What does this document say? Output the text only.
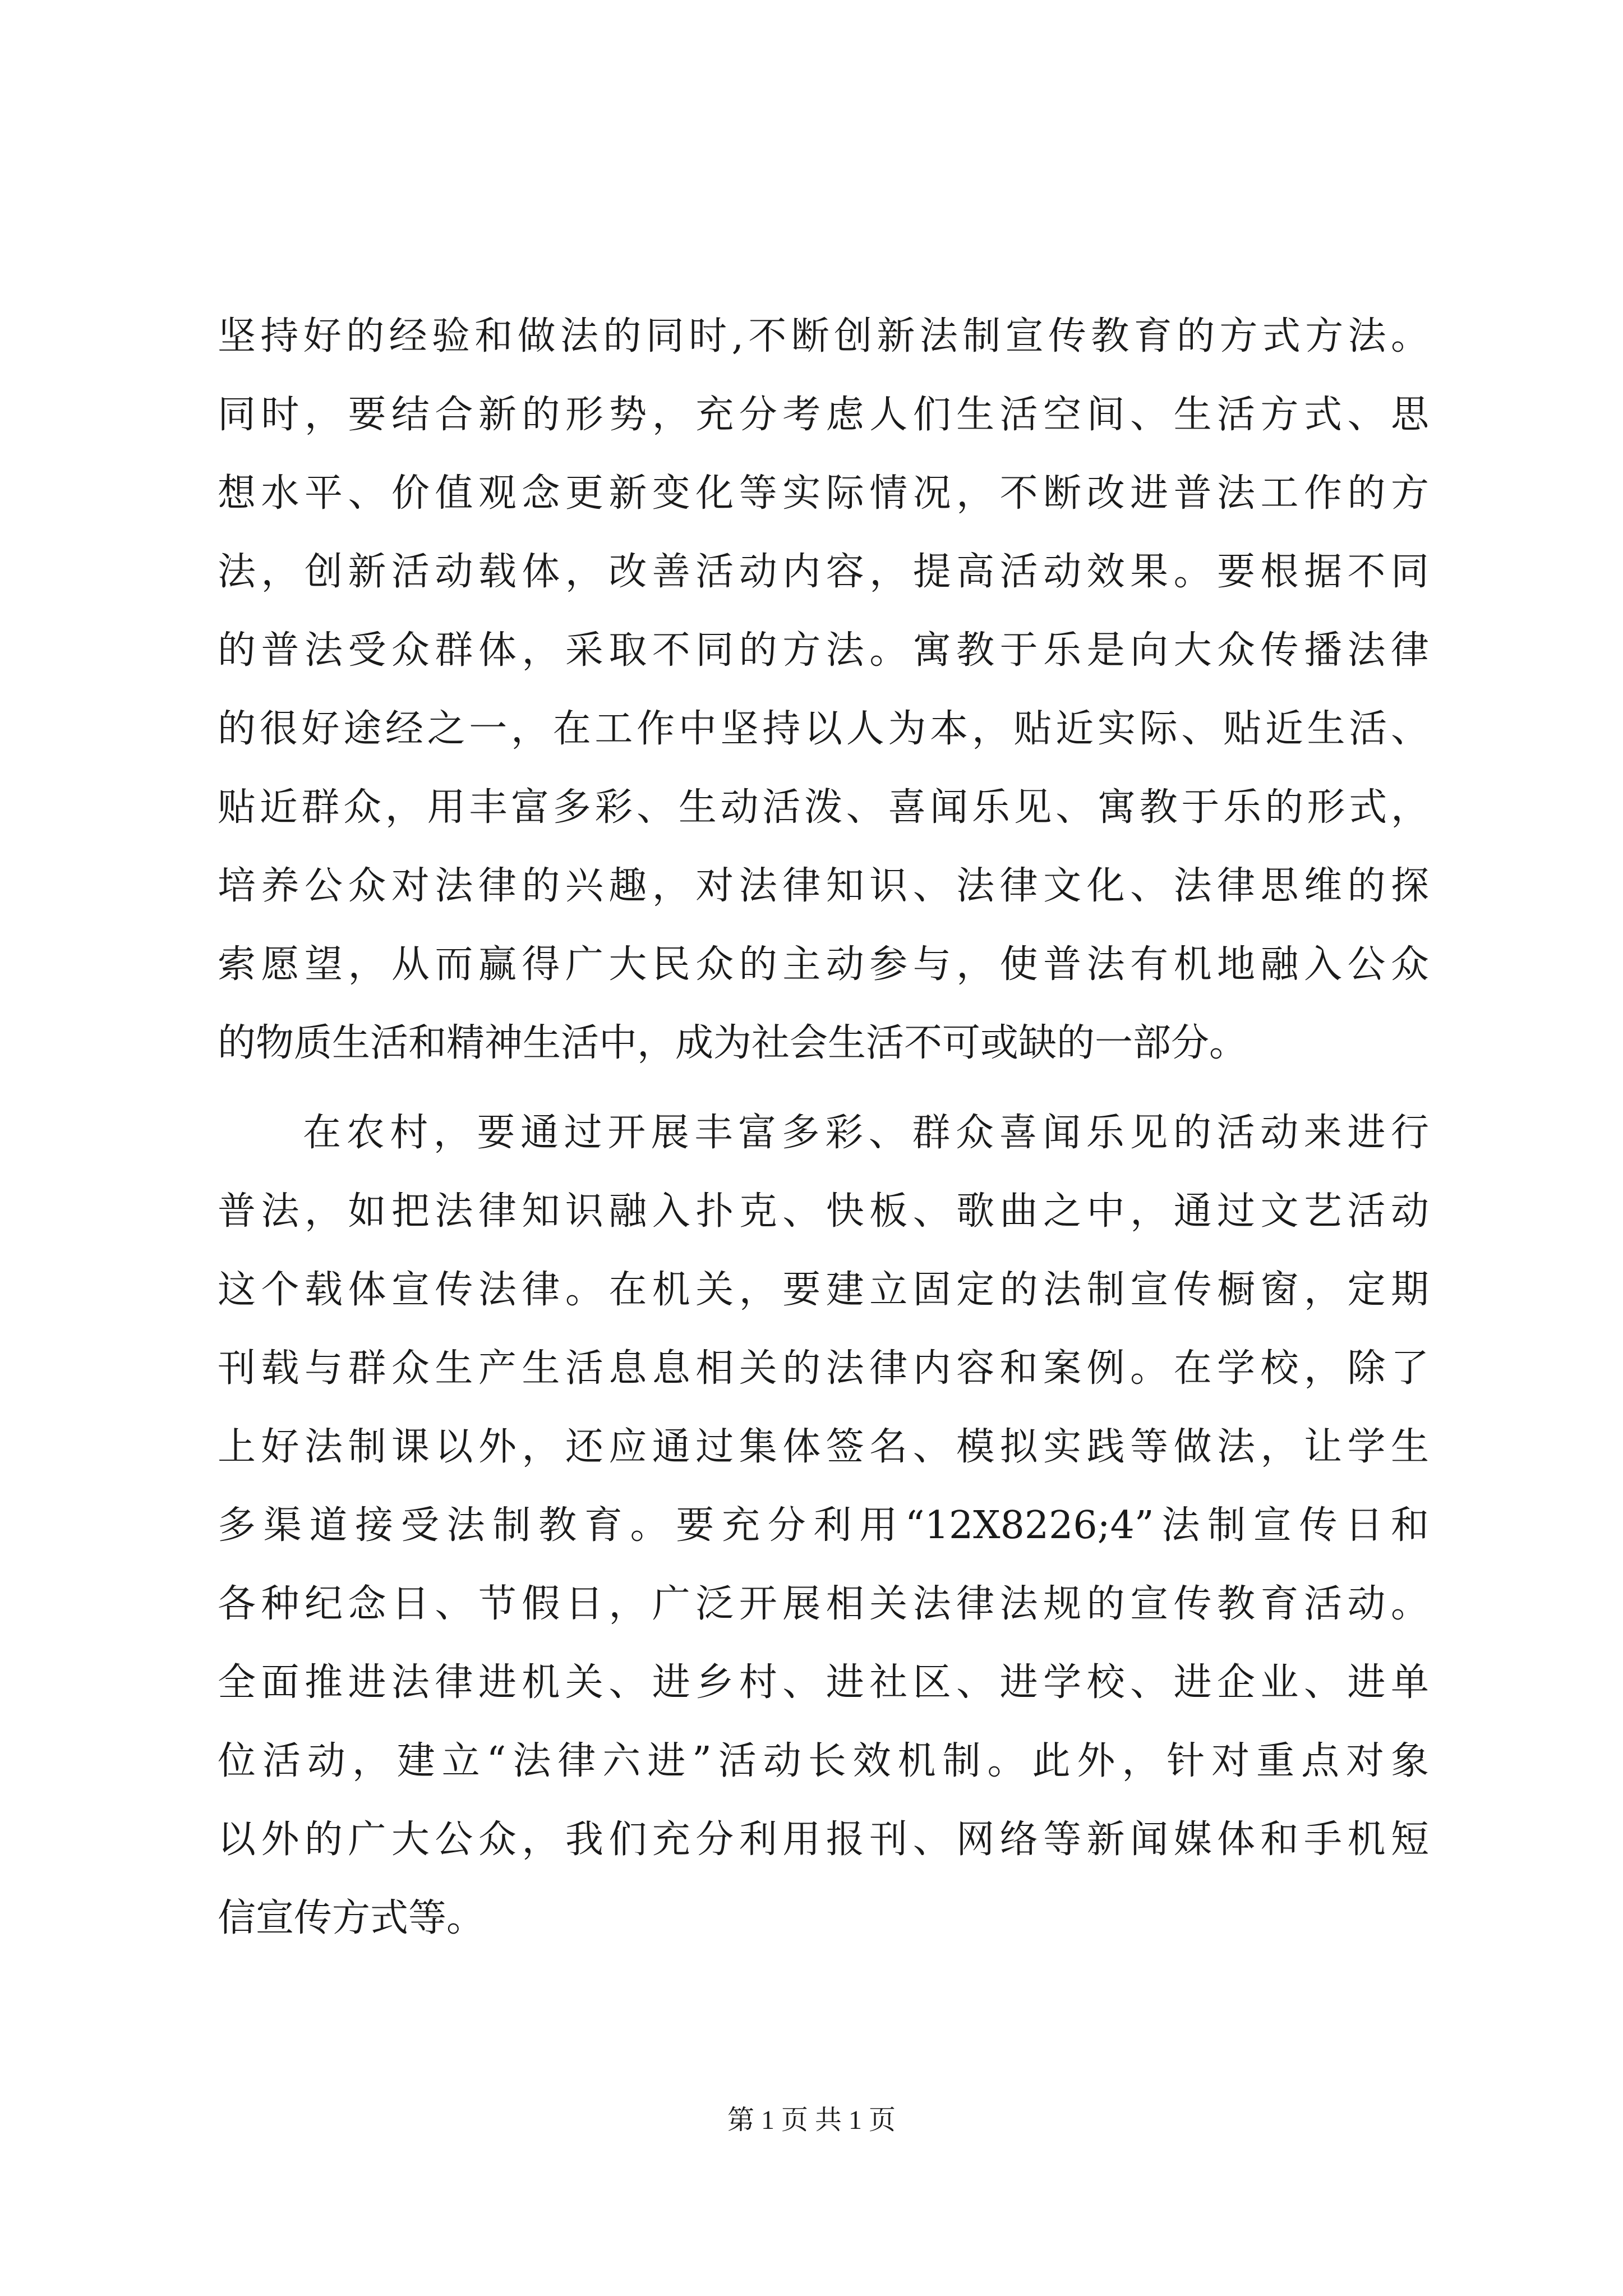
坚持好的经验和做法的同时,不断创新法制宣传教育的方式方法。
同时，要结合新的形势，充分考虑人们生活空间、生活方式、思
想水平、价值观念更新变化等实际情况，不断改进普法工作的方
法，创新活动载体，改善活动内容，提高活动效果。要根据不同
的普法受众群体，采取不同的方法。寓教于乐是向大众传播法律
的很好途经之一，在工作中坚持以人为本，贴近实际、贴近生活、
贴近群众，用丰富多彩、生动活泼、喜闻乐见、寓教于乐的形式，
培养公众对法律的兴趣，对法律知识、法律文化、法律思维的探
索愿望，从而赢得广大民众的主动参与，使普法有机地融入公众
的物质生活和精神生活中，成为社会生活不可或缺的一部分。
在农村，要通过开展丰富多彩、群众喜闻乐见的活动来进行
普法，如把法律知识融入扑克、快板、歌曲之中，通过文艺活动
这个载体宣传法律。在机关，要建立固定的法制宣传橱窗，定期
刊载与群众生产生活息息相关的法律内容和案例。在学校，除了
上好法制课以外，还应通过集体签名、模拟实践等做法，让学生
多渠道接受法制教育。要充分利用“12X8226;4”法制宣传日和
各种纪念日、节假日，广泛开展相关法律法规的宣传教育活动。
全面推进法律进机关、进乡村、进社区、进学校、进企业、进单
位活动，建立“法律六进”活动长效机制。此外，针对重点对象
以外的广大公众，我们充分利用报刊、网络等新闻媒体和手机短
信宣传方式等。
第 1 页 共 1 页
